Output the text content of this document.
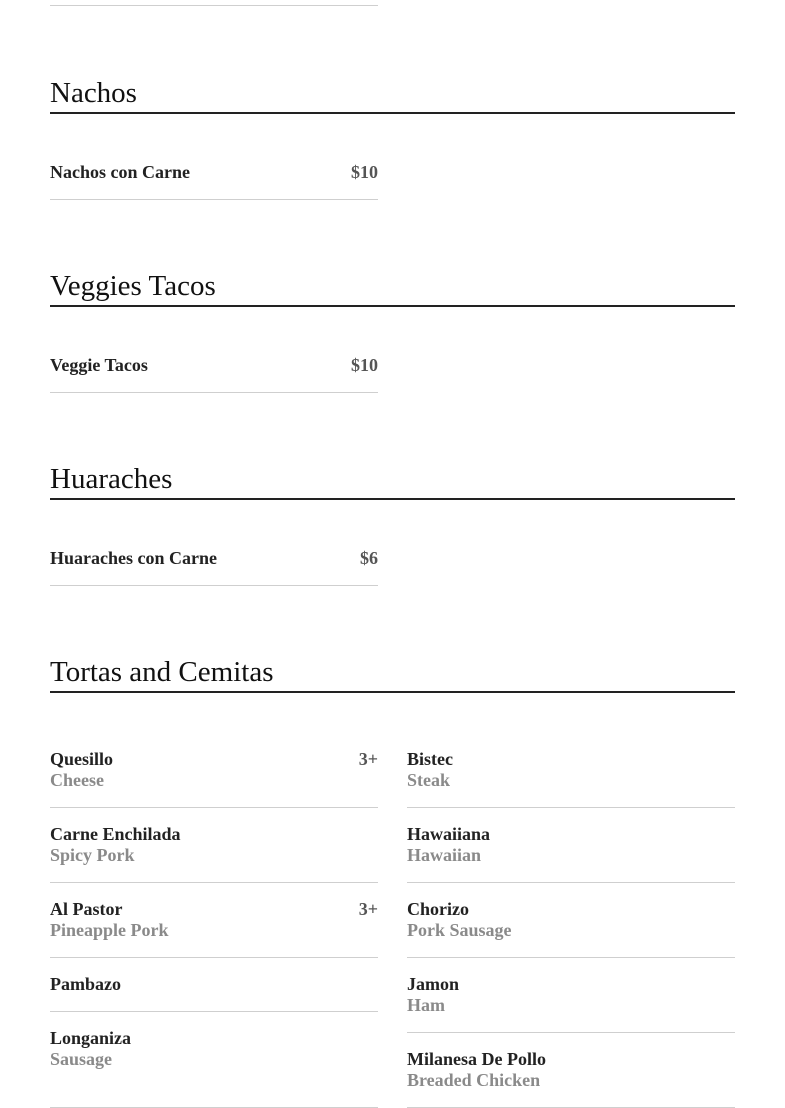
Nachos
Nachos con Carne	$10
Veggies Tacos
Veggie Tacos	$10
Huaraches
Huaraches con Carne	$6
Tortas and Cemitas
Quesillo
Cheese
3+
Carne Enchilada
Spicy Pork
Al Pastor
Pineapple Pork
3+
Pambazo
Longaniza
Sausage
Bistec
Steak
Hawaiiana
Hawaiian
Chorizo
Pork Sausage
Jamon
Ham
Milanesa De Pollo
Breaded Chicken
